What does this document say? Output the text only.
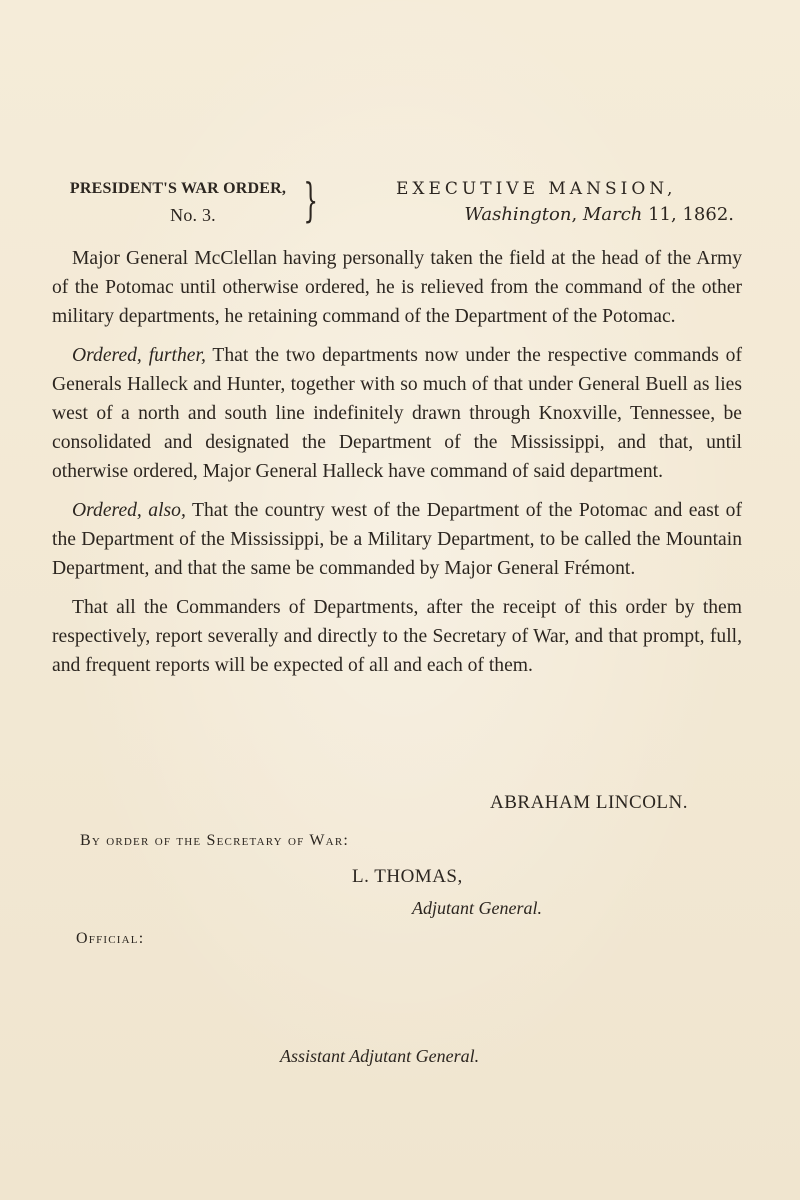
PRESIDENT'S WAR ORDER,
No. 3.	}	EXECUTIVE MANSION,
Washington, March 11, 1862.

Major General McClellan having personally taken the field at the head of the Army of the Potomac until otherwise ordered, he is relieved from the command of the other military departments, he retaining command of the Department of the Potomac.

Ordered, further, That the two departments now under the respective commands of Generals Halleck and Hunter, together with so much of that under General Buell as lies west of a north and south line indefinitely drawn through Knoxville, Tennessee, be consolidated and designated the Department of the Mississippi, and that, until otherwise ordered, Major General Halleck have command of said department.

Ordered, also, That the country west of the Department of the Potomac and east of the Department of the Mississippi, be a Military Department, to be called the Mountain Department, and that the same be commanded by Major General Frémont.

That all the Commanders of Departments, after the receipt of this order by them respectively, report severally and directly to the Secretary of War, and that prompt, full, and frequent reports will be expected of all and each of them.

ABRAHAM LINCOLN.
By order of the Secretary of War:
L. THOMAS,
Adjutant General.
Official:
Assistant Adjutant General.
